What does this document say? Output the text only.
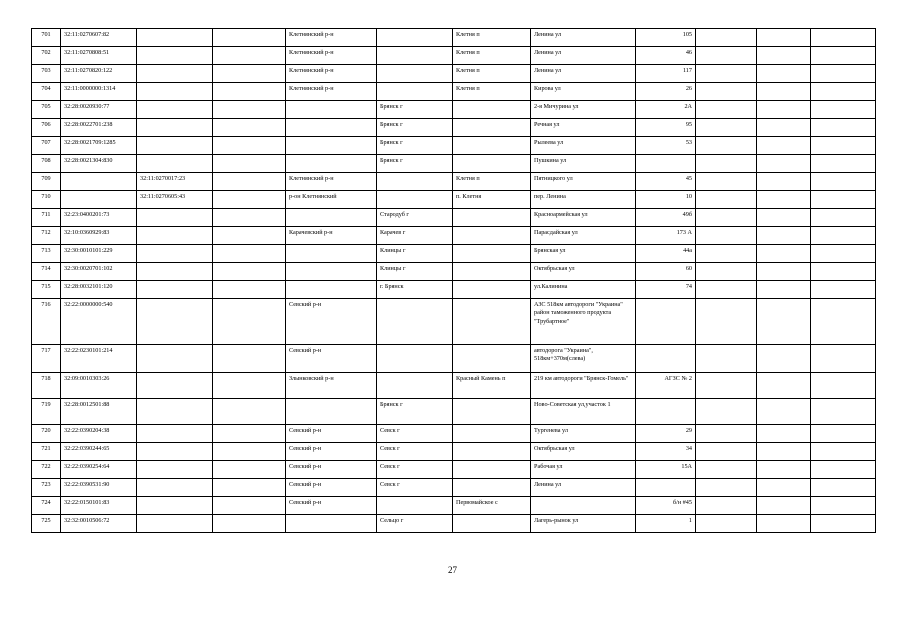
701	32:11:0270607:82			Клетнянский р-н		Клетня п	Ленина ул	105			
702	32:11:0270808:51			Клетнянский р-н		Клетня п	Ленина ул	46			
703	32:11:0270820:122			Клетнянский р-н		Клетня п	Ленина ул	117			
704	32:11:0000000:1314			Клетнянский р-н		Клетня п	Кирова ул	26			
705	32:28:0020930:77				Брянск г		2-я Мичурина ул	2А			
706	32:28:0022701:238				Брянск г		Речная ул	95			
707	32:28:0021709:1285				Брянск г		Рылеева ул	53			
708	32:28:0021304:830				Брянск г		Пушкина ул				
709		32:11:0270017:23		Клетнянский р-н		Клетня п	Пятницкого ул	45			
710		32:11:0270605:43		р-он Клетнянский		п. Клетня	пер. Ленина	10			
711	32:23:0400201:73				Стародуб г		Красноармейская ул	49б			
712	32:10:0360929:83			Карачевский р-н	Карачев г		Парасдайская ул	173 А			
713	32:30:0010101:229				Клинцы г		Брянская ул	44а			
714	32:30:0020701:102				Клинцы г		Октябрьская ул	60			
715	32:28:0032101:120				г. Брянск		ул.Калинина	74			
716	32:22:0000000:540			Севский р-н			АЗС 518км автодороги "Украина" район таможенного продукта "Трубартное"				
717	32:22:0230101:214			Севский р-н			автодорога "Украина", 518км+370м(слева)				
718	32:09:0010303:26			Злынковский р-н		Красный Камень п	219 км автодороги "Брянск-Гомель"	АГЗС № 2			
719	32:28:0012501:88				Брянск г		Ново-Советская ул,участок 1				
720	32:22:0390204:38			Севский р-н	Севск г		Тургенева ул	29			
721	32:22:0390244:65			Севский р-н	Севск г		Октябрьская ул	34			
722	32:22:0390254:64			Севский р-н	Севск г		Рабочая ул	15А			
723	32:22:0390531:90			Севский р-н	Севск г		Ленина ул				
724	32:22:0150101:83			Севский р-н		Первомайское с		б/н #45			
725	32:32:0010506:72				Сельцо г		Лагерь-рынок ул	1			
27
